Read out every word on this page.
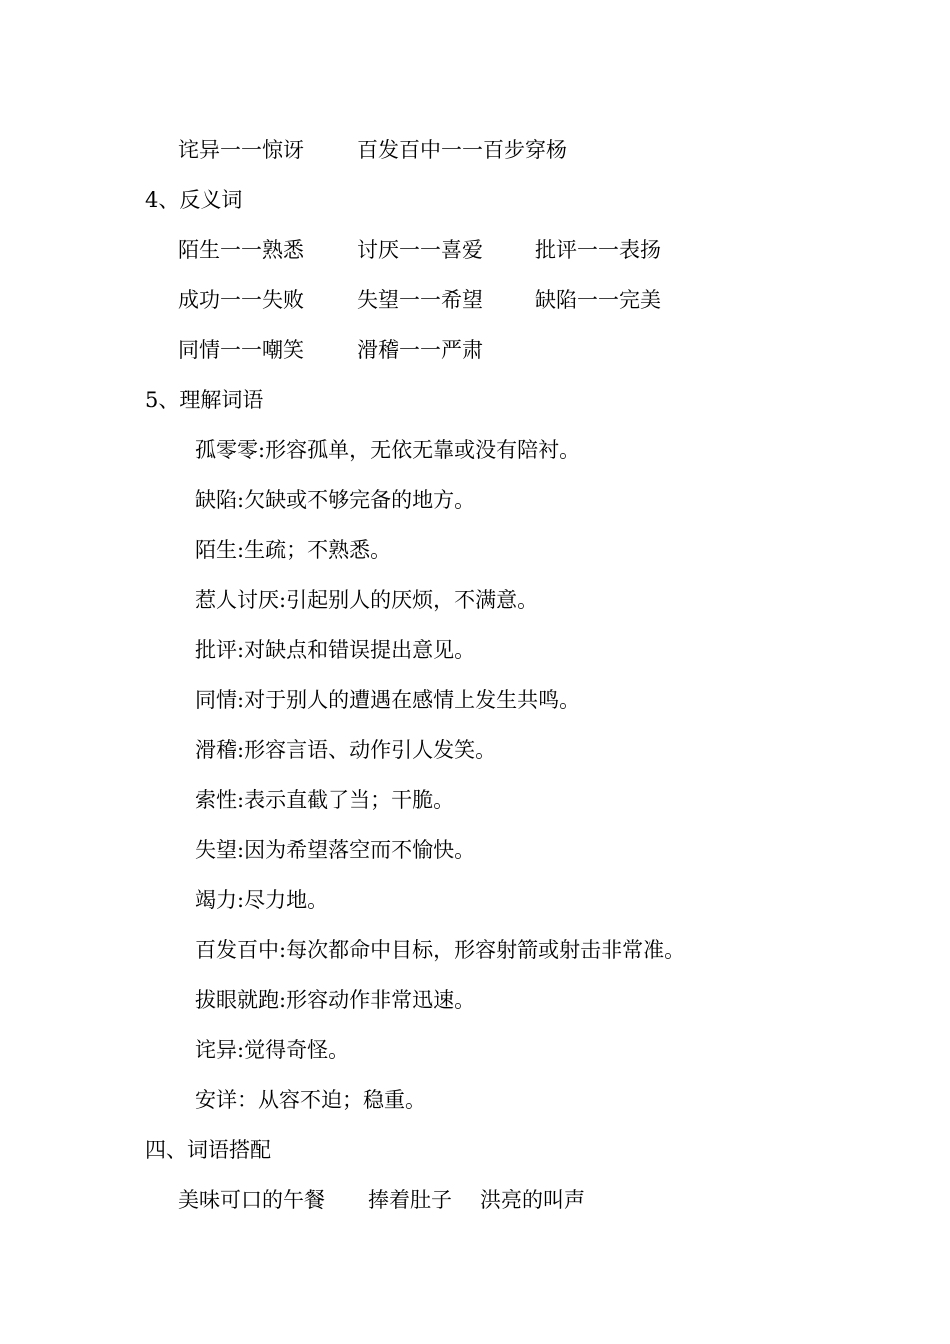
诧异一一惊讶	百发百中一一百步穿杨
4、反义词
陌生一一熟悉	讨厌一一喜爱 批评一一表扬
成功一一失败	失望一一希望 缺陷一一完美
同情一一嘲笑	滑稽一一严肃
5、理解词语
孤零零:形容孤单，无依无靠或没有陪衬。
缺陷:欠缺或不够完备的地方。
陌生:生疏；不熟悉。
惹人讨厌:引起别人的厌烦，不满意。
批评:对缺点和错误提出意见。
同情:对于别人的遭遇在感情上发生共鸣。
滑稽:形容言语、动作引人发笑。
索性:表示直截了当；干脆。
失望:因为希望落空而不愉快。
竭力:尽力地。
百发百中:每次都命中目标，形容射箭或射击非常准。
拔眼就跑:形容动作非常迅速。
诧异:觉得奇怪。
安详：从容不迫；稳重。
四、词语搭配
美味可口的午餐 捧着肚子 洪亮的叫声
